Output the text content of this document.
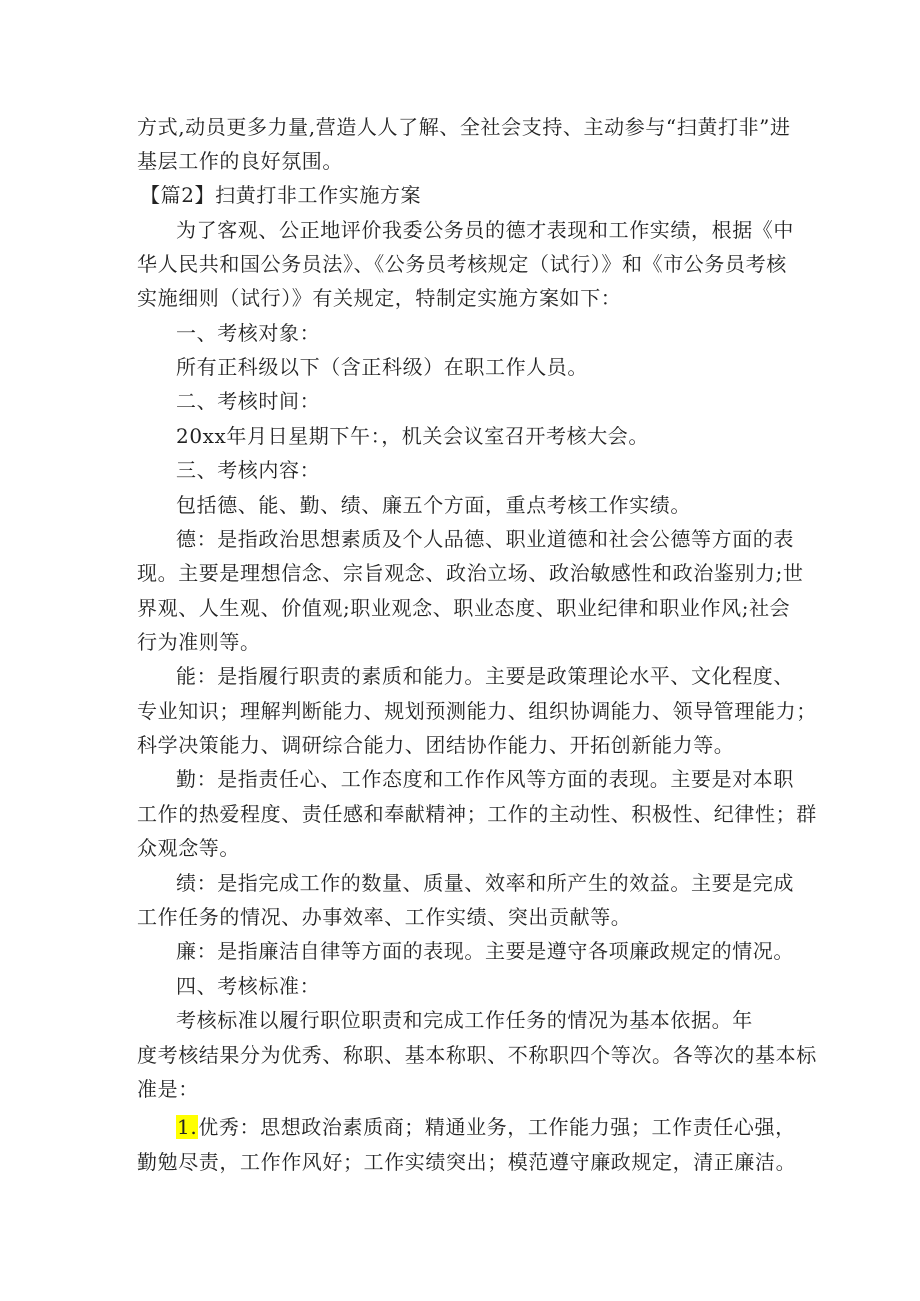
方式,动员更多力量,营造人人了解、全社会支持、主动参与“扫黄打非”进
基层工作的良好氛围。
【篇2】扫黄打非工作实施方案
为了客观、公正地评价我委公务员的德才表现和工作实绩，根据《中
华人民共和国公务员法》、《公务员考核规定（试行）》和《市公务员考核
实施细则（试行）》有关规定，特制定实施方案如下：
一、考核对象：
所有正科级以下（含正科级）在职工作人员。
二、考核时间：
20xx年月日星期下午：，机关会议室召开考核大会。
三、考核内容：
包括德、能、勤、绩、廉五个方面，重点考核工作实绩。
德：是指政治思想素质及个人品德、职业道德和社会公德等方面的表
现。主要是理想信念、宗旨观念、政治立场、政治敏感性和政治鉴别力;世
界观、人生观、价值观;职业观念、职业态度、职业纪律和职业作风;社会
行为准则等。
能：是指履行职责的素质和能力。主要是政策理论水平、文化程度、
专业知识；理解判断能力、规划预测能力、组织协调能力、领导管理能力；
科学决策能力、调研综合能力、团结协作能力、开拓创新能力等。
勤：是指责任心、工作态度和工作作风等方面的表现。主要是对本职
工作的热爱程度、责任感和奉献精神；工作的主动性、积极性、纪律性；群
众观念等。
绩：是指完成工作的数量、质量、效率和所产生的效益。主要是完成
工作任务的情况、办事效率、工作实绩、突出贡献等。
廉：是指廉洁自律等方面的表现。主要是遵守各项廉政规定的情况。
四、考核标准：
考核标准以履行职位职责和完成工作任务的情况为基本依据。年
度考核结果分为优秀、称职、基本称职、不称职四个等次。各等次的基本标
准是：
1.优秀：思想政治素质商；精通业务，工作能力强；工作责任心强，
勤勉尽责，工作作风好；工作实绩突出；模范遵守廉政规定，清正廉洁。
